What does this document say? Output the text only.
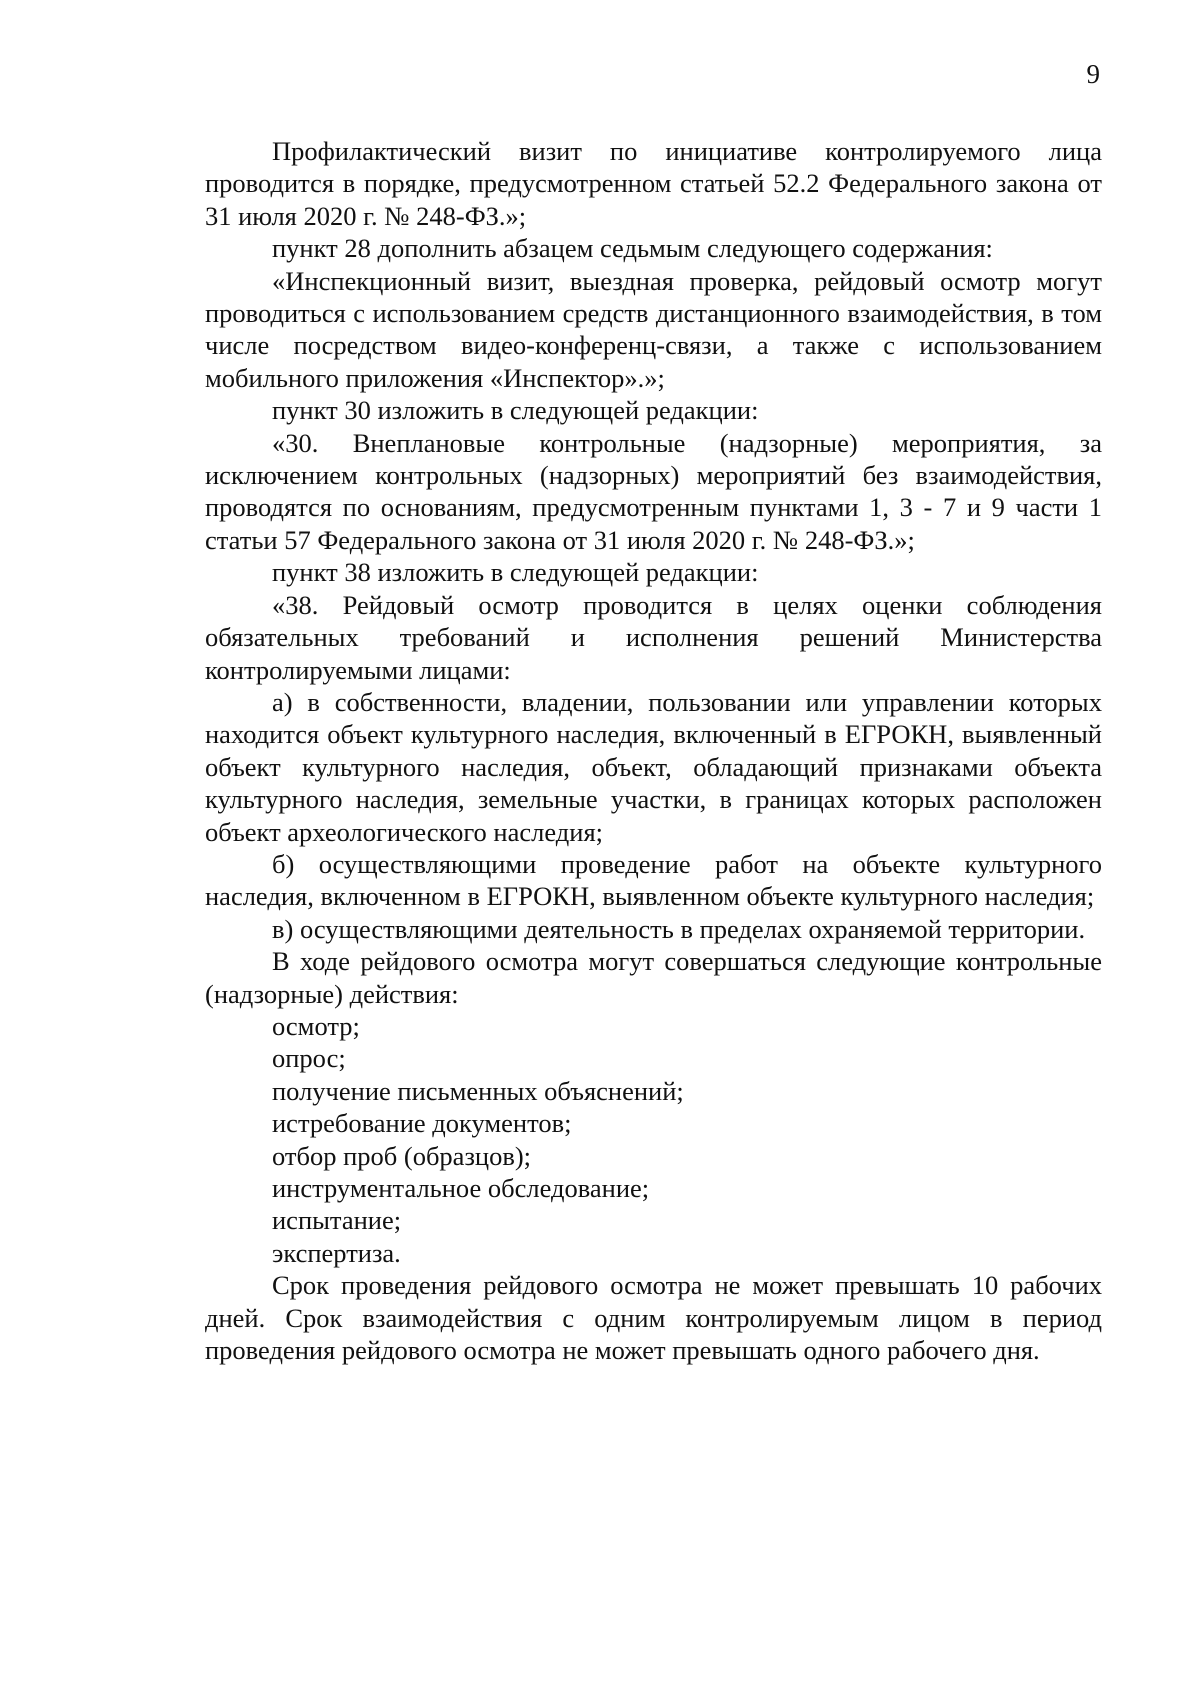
9

Профилактический визит по инициативе контролируемого лица проводится в порядке, предусмотренном статьей 52.2 Федерального закона от 31 июля 2020 г. № 248-ФЗ.»;

пункт 28 дополнить абзацем седьмым следующего содержания:

«Инспекционный визит, выездная проверка, рейдовый осмотр могут проводиться с использованием средств дистанционного взаимодействия, в том числе посредством видео-конференц-связи, а также с использованием мобильного приложения «Инспектор».»;

пункт 30 изложить в следующей редакции:

«30. Внеплановые контрольные (надзорные) мероприятия, за исключением контрольных (надзорных) мероприятий без взаимодействия, проводятся по основаниям, предусмотренным пунктами 1, 3 - 7 и 9 части 1 статьи 57 Федерального закона от 31 июля 2020 г. № 248-ФЗ.»;

пункт 38 изложить в следующей редакции:

«38. Рейдовый осмотр проводится в целях оценки соблюдения обязательных требований и исполнения решений Министерства контролируемыми лицами:

а) в собственности, владении, пользовании или управлении которых находится объект культурного наследия, включенный в ЕГРОКН, выявленный объект культурного наследия, объект, обладающий признаками объекта культурного наследия, земельные участки, в границах которых расположен объект археологического наследия;

б) осуществляющими проведение работ на объекте культурного наследия, включенном в ЕГРОКН, выявленном объекте культурного наследия;

в) осуществляющими деятельность в пределах охраняемой территории.

В ходе рейдового осмотра могут совершаться следующие контрольные (надзорные) действия:

осмотр;

опрос;

получение письменных объяснений;

истребование документов;

отбор проб (образцов);

инструментальное обследование;

испытание;

экспертиза.

Срок проведения рейдового осмотра не может превышать 10 рабочих дней. Срок взаимодействия с одним контролируемым лицом в период проведения рейдового осмотра не может превышать одного рабочего дня.
